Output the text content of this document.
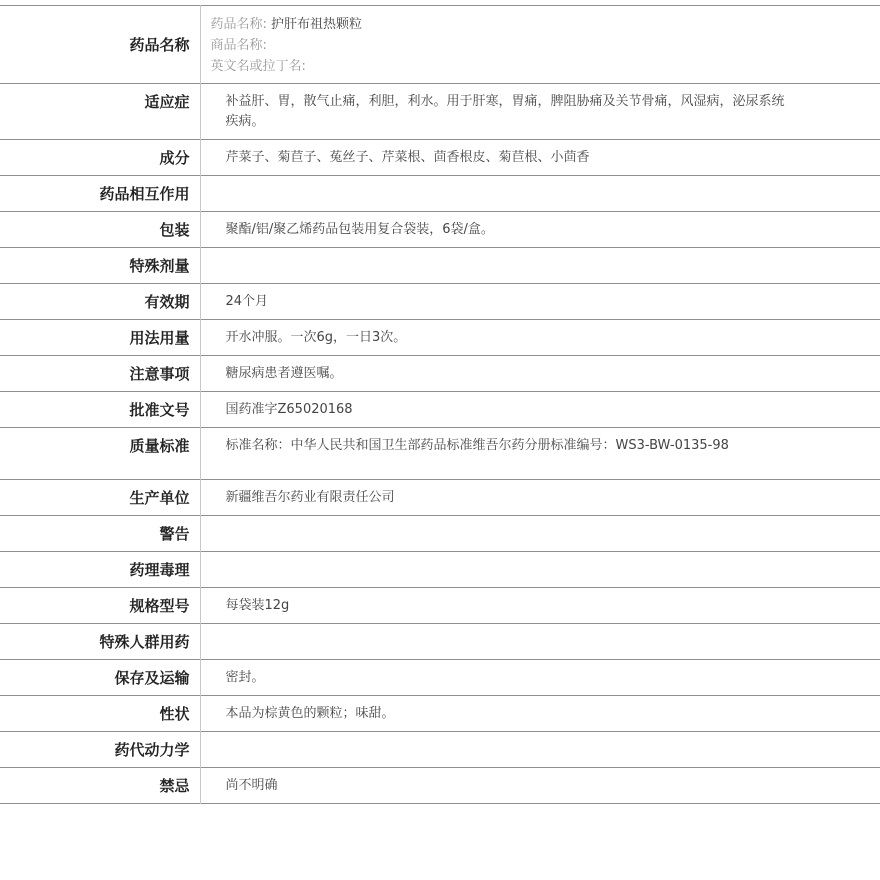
药品名称	药品名称: 护肝布祖热颗粒
商品名称:
英文名或拉丁名:

适应症	补益肝、胃，散气止痛，利胆，利水。用于肝寒，胃痛，脾阻胁痛及关节骨痛，风湿病，泌尿系统疾病。
成分	芹菜子、菊苣子、菟丝子、芹菜根、茴香根皮、菊苣根、小茴香
药品相互作用	
包装	聚酯/铝/聚乙烯药品包装用复合袋装，6袋/盒。
特殊剂量	
有效期	24个月
用法用量	开水冲服。一次6g，一日3次。
注意事项	糖尿病患者遵医嘱。
批准文号	国药准字Z65020168
质量标准	标准名称：中华人民共和国卫生部药品标准维吾尔药分册标准编号：WS3-BW-0135-98
生产单位	新疆维吾尔药业有限责任公司
警告	
药理毒理	
规格型号	每袋装12g
特殊人群用药	
保存及运输	密封。
性状	本品为棕黄色的颗粒；味甜。
药代动力学	
禁忌	尚不明确
